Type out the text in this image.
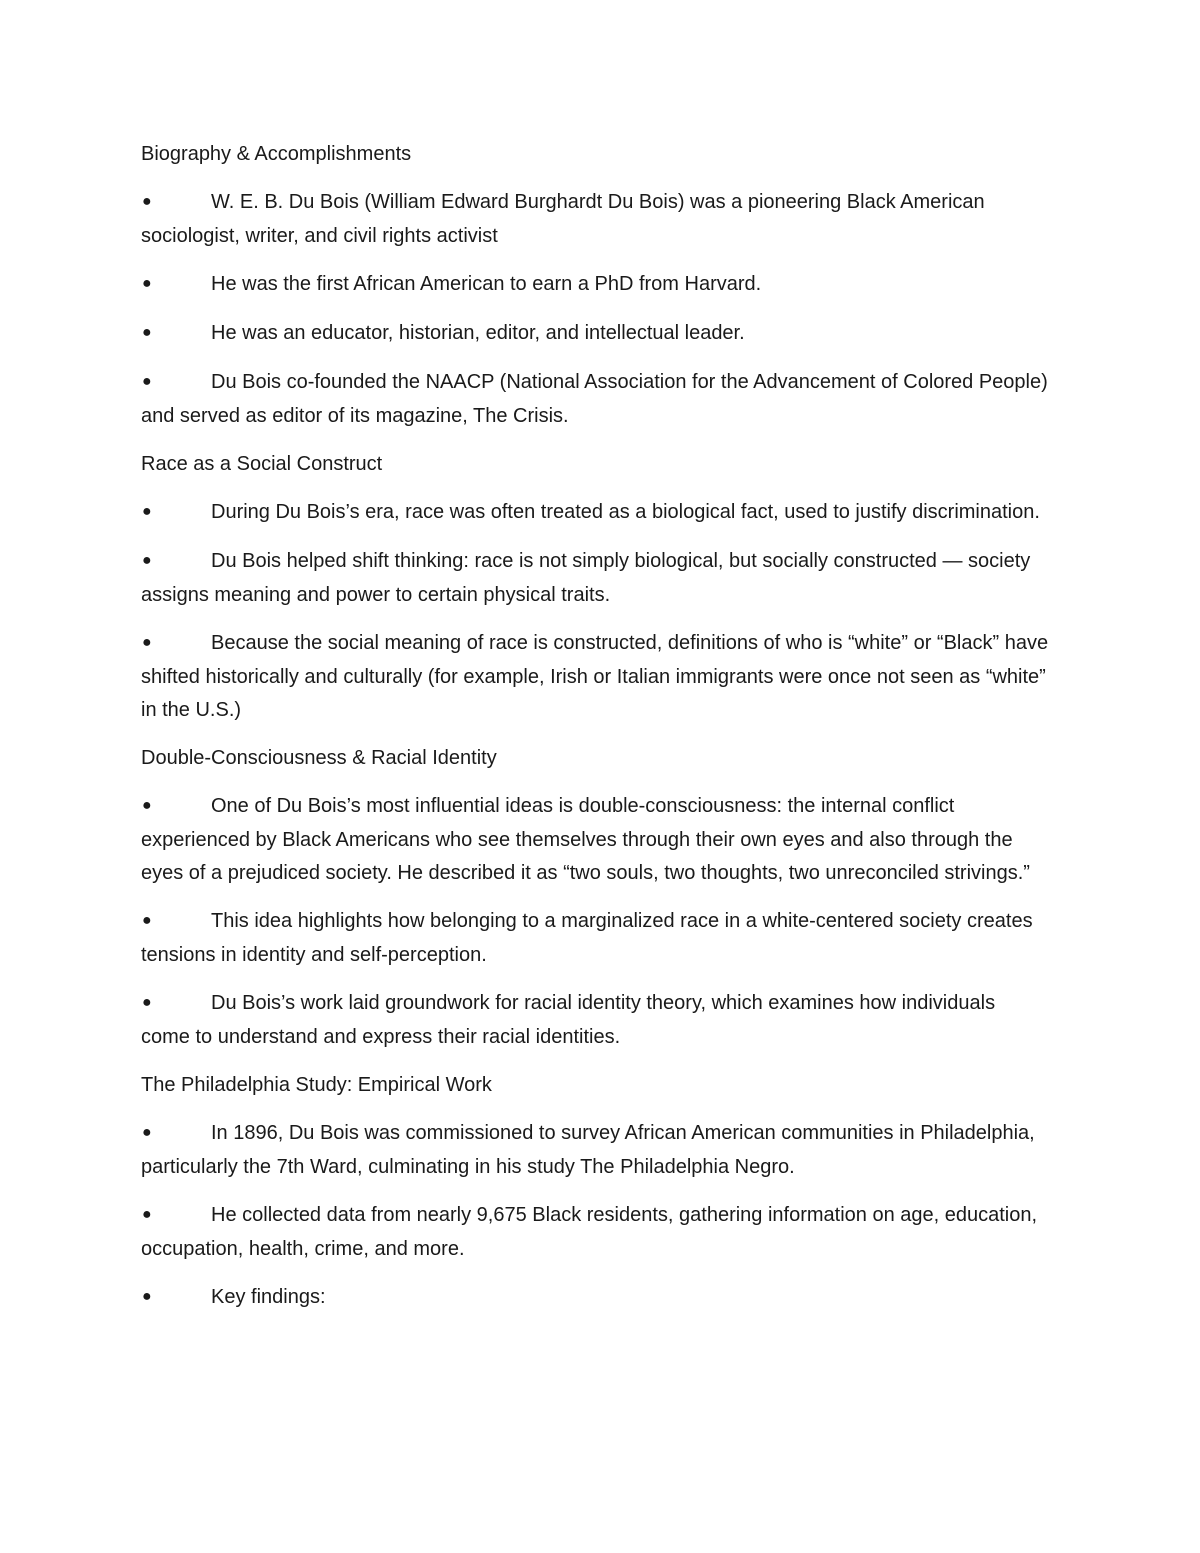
Biography & Accomplishments

●	W. E. B. Du Bois (William Edward Burghardt Du Bois) was a pioneering Black American sociologist, writer, and civil rights activist

●	He was the first African American to earn a PhD from Harvard.

●	He was an educator, historian, editor, and intellectual leader.

●	Du Bois co-founded the NAACP (National Association for the Advancement of Colored People) and served as editor of its magazine, The Crisis.

Race as a Social Construct

●	During Du Bois’s era, race was often treated as a biological fact, used to justify discrimination.

●	Du Bois helped shift thinking: race is not simply biological, but socially constructed — society assigns meaning and power to certain physical traits.

●	Because the social meaning of race is constructed, definitions of who is “white” or “Black” have shifted historically and culturally (for example, Irish or Italian immigrants were once not seen as “white” in the U.S.)

Double-Consciousness & Racial Identity

●	One of Du Bois’s most influential ideas is double-consciousness: the internal conflict experienced by Black Americans who see themselves through their own eyes and also through the eyes of a prejudiced society. He described it as “two souls, two thoughts, two unreconciled strivings.”

●	This idea highlights how belonging to a marginalized race in a white-centered society creates tensions in identity and self-perception.

●	Du Bois’s work laid groundwork for racial identity theory, which examines how individuals come to understand and express their racial identities.

The Philadelphia Study: Empirical Work

●	In 1896, Du Bois was commissioned to survey African American communities in Philadelphia, particularly the 7th Ward, culminating in his study The Philadelphia Negro.

●	He collected data from nearly 9,675 Black residents, gathering information on age, education, occupation, health, crime, and more.

●	Key findings:
